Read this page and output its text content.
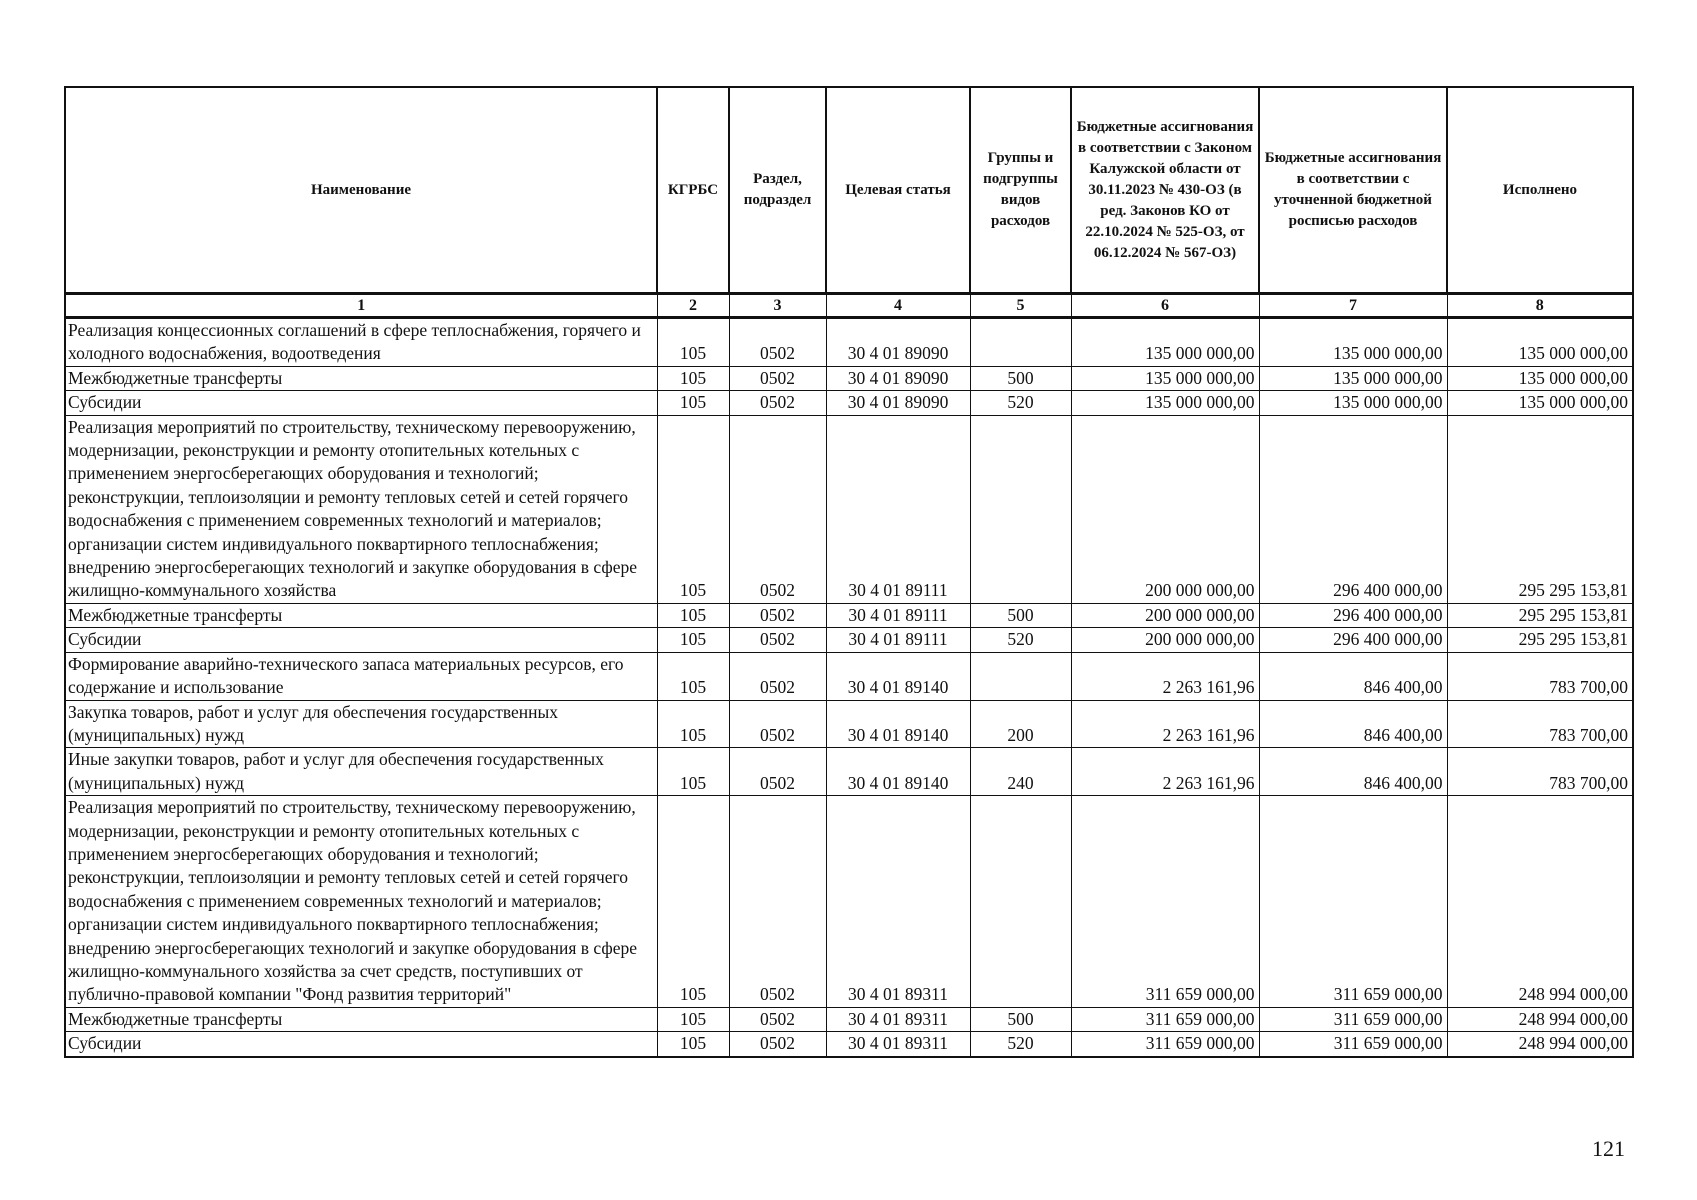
Наименование	КГРБС	Раздел, подраздел	Целевая статья	Группы и подгруппы видов расходов	Бюджетные ассигнования в соответствии с Законом Калужской области от 30.11.2023 № 430-ОЗ (в ред. Законов КО от 22.10.2024 № 525-ОЗ, от 06.12.2024 № 567-ОЗ)	Бюджетные ассигнования в соответствии с уточненной бюджетной росписью расходов	Исполнено
1	2	3	4	5	6	7	8
Реализация концессионных соглашений в сфере теплоснабжения, горячего и холодного водоснабжения, водоотведения	105	0502	30 4 01 89090		135 000 000,00	135 000 000,00	135 000 000,00
Межбюджетные трансферты	105	0502	30 4 01 89090	500	135 000 000,00	135 000 000,00	135 000 000,00
Субсидии	105	0502	30 4 01 89090	520	135 000 000,00	135 000 000,00	135 000 000,00
Реализация мероприятий по строительству, техническому перевооружению, модернизации, реконструкции и ремонту отопительных котельных с применением энергосберегающих оборудования и технологий; реконструкции, теплоизоляции и ремонту тепловых сетей и сетей горячего водоснабжения с применением современных технологий и материалов; организации систем индивидуального поквартирного теплоснабжения; внедрению энергосберегающих технологий и закупке оборудования в сфере жилищно-коммунального хозяйства	105	0502	30 4 01 89111		200 000 000,00	296 400 000,00	295 295 153,81
Межбюджетные трансферты	105	0502	30 4 01 89111	500	200 000 000,00	296 400 000,00	295 295 153,81
Субсидии	105	0502	30 4 01 89111	520	200 000 000,00	296 400 000,00	295 295 153,81
Формирование аварийно-технического запаса материальных ресурсов, его содержание и использование	105	0502	30 4 01 89140		2 263 161,96	846 400,00	783 700,00
Закупка товаров, работ и услуг для обеспечения государственных (муниципальных) нужд	105	0502	30 4 01 89140	200	2 263 161,96	846 400,00	783 700,00
Иные закупки товаров, работ и услуг для обеспечения государственных (муниципальных) нужд	105	0502	30 4 01 89140	240	2 263 161,96	846 400,00	783 700,00
Реализация мероприятий по строительству, техническому перевооружению, модернизации, реконструкции и ремонту отопительных котельных с применением энергосберегающих оборудования и технологий; реконструкции, теплоизоляции и ремонту тепловых сетей и сетей горячего водоснабжения с применением современных технологий и материалов; организации систем индивидуального поквартирного теплоснабжения; внедрению энергосберегающих технологий и закупке оборудования в сфере жилищно-коммунального хозяйства за счет средств, поступивших от публично-правовой компании "Фонд развития территорий"	105	0502	30 4 01 89311		311 659 000,00	311 659 000,00	248 994 000,00
Межбюджетные трансферты	105	0502	30 4 01 89311	500	311 659 000,00	311 659 000,00	248 994 000,00
Субсидии	105	0502	30 4 01 89311	520	311 659 000,00	311 659 000,00	248 994 000,00
121
